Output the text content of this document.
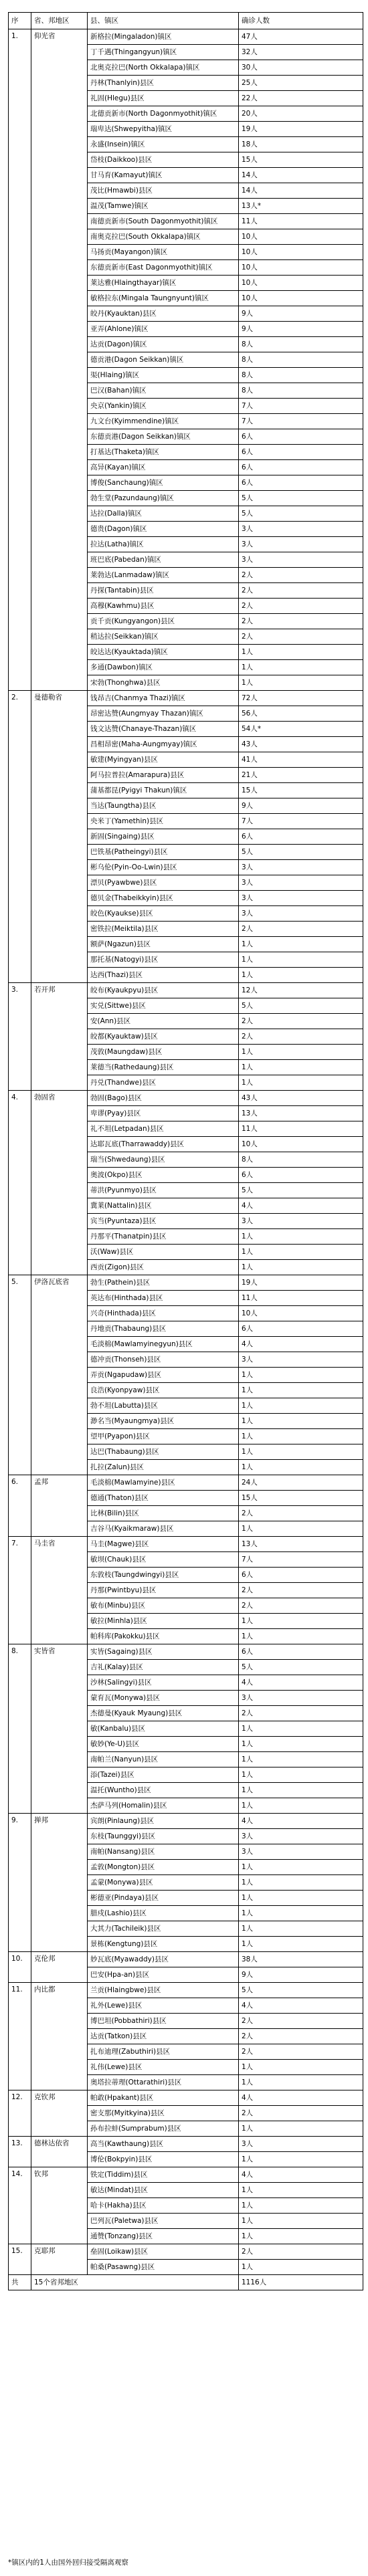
序	省、邦地区	县、镇区	确诊人数
1.	仰光省	新格拉(Mingaladon)镇区	47人
		丁千遇(Thingangyun)镇区	32人
		北奥克拉巴(North Okkalapa)镇区	30人
		丹林(Thanlyin)县区	25人
		礼固(Hlegu)县区	22人
		北德贡新市(North Dagonmyothit)镇区	20人
		瑞卑达(Shwepyitha)镇区	19人
		永盛(Insein)镇区	18人
		岱枝(Daikkoo)县区	15人
		甘马育(Kamayut)镇区	14人
		茂比(Hmawbi)县区	14人
		温茂(Tamwe)镇区	13人*
		南德贡新市(South Dagonmyothit)镇区	11人
		南奥克拉巴(South Okkalapa)镇区	10人
		马扬贡(Mayangon)镇区	10人
		东德贡新市(East Dagonmyothit)镇区	10人
		莱达雅(Hlaingthayar)镇区	10人
		敏格拉东(Mingala Taungnyunt)镇区	10人
		皎丹(Kyauktan)县区	9人
		亚弄(Ahlone)镇区	9人
		达贡(Dagon)镇区	8人
		德贡港(Dagon Seikkan)镇区	8人
		渠(Hlaing)镇区	8人
		巴汉(Bahan)镇区	8人
		央京(Yankin)镇区	7人
		九文台(Kyimmendine)镇区	7人
		东德贡港(Dagon Seikkan)镇区	6人
		打基达(Thaketa)镇区	6人
		高异(Kayan)镇区	6人
		博俊(Sanchaung)镇区	6人
		勃生堂(Pazundaung)镇区	5人
		达拉(Dalla)镇区	5人
		德贵(Dagon)镇区	3人
		拉达(Latha)镇区	3人
		班巴底(Pabedan)镇区	3人
		莱勃达(Lanmadaw)镇区	2人
		丹探(Tantabin)县区	2人
		高穆(Kawhmu)县区	2人
		贡千贡(Kungyangon)县区	2人
		稍达拉(Seikkan)镇区	2人
		皎达达(Kyauktada)镇区	1人
		多通(Dawbon)镇区	1人
		宋勃(Thonghwa)县区	1人
2.	曼德勒省	钱昂吉(Chanmya Thazi)镇区	72人
		昂密达赞(Aungmyay Thazan)镇区	56人
		钱文达赞(Chanaye-Thazan)镇区	54人*
		昌相昂密(Maha-Aungmyay)镇区	43人
		敏建(Myingyan)县区	41人
		阿马拉普拉(Amarapura)县区	21人
		蒲基都昆(Pyigyi Thakun)镇区	15人
		当达(Taungtha)县区	9人
		央米丁(Yamethin)县区	7人
		新固(Singaing)县区	6人
		巴铁基(Patheingyi)县区	5人
		彬乌伦(Pyin-Oo-Lwin)县区	3人
		漂贝(Pyawbwe)县区	3人
		德贝金(Thabeikkyin)县区	3人
		皎色(Kyaukse)县区	3人
		密铁拉(Meiktila)县区	2人
		额萨(Ngazun)县区	1人
		那托基(Natogyi)县区	1人
		达西(Thazi)县区	1人
3.	若开邦	皎布(Kyaukpyu)县区	12人
		实兑(Sittwe)县区	5人
		安(Ann)县区	2人
		皎都(Kyauktaw)县区	2人
		茂敦(Maungdaw)县区	1人
		莱德当(Rathedaung)县区	1人
		丹兑(Thandwe)县区	1人
4.	勃固省	勃固(Bago)县区	43人
		卑谬(Pyay)县区	13人
		礼不坦(Letpadan)县区	11人
		达耶瓦底(Tharrawaddy)县区	10人
		瑞当(Shwedaung)县区	8人
		奥波(Okpo)县区	6人
		蒂洪(Pyunmyo)县区	5人
		冀莱(Nattalin)县区	4人
		宾当(Pyuntaza)县区	3人
		丹那平(Thanatpin)县区	1人
		沃(Waw)县区	1人
		西贡(Zigon)县区	1人
5.	伊洛瓦底省	勃生(Pathein)县区	19人
		英达布(Hinthada)县区	11人
		兴奇(Hinthada)县区	10人
		丹地贡(Thabaung)县区	6人
		毛淡棉(Mawlamyinegyun)县区	4人
		德冲贡(Thonseh)县区	3人
		弄贡(Ngapudaw)县区	1人
		良浩(Kyonpyaw)县区	1人
		勃不坦(Labutta)县区	1人
		渺名当(Myaungmya)县区	1人
		望甲(Pyapon)县区	1人
		达巴(Thabaung)县区	1人
		扎拉(Zalun)县区	1人
6.	孟邦	毛淡棉(Mawlamyine)县区	24人
		德通(Thaton)县区	15人
		比林(Bilin)县区	2人
		吉谷马(Kyaikmaraw)县区	1人
7.	马圭省	马圭(Magwe)县区	13人
		敏坝(Chauk)县区	7人
		东敦枝(Taungdwingyi)县区	6人
		丹那(Pwintbyu)县区	2人
		敏布(Minbu)县区	2人
		敏拉(Minhla)县区	1人
		帕科库(Pakokku)县区	1人
8.	实皆省	实皆(Sagaing)县区	6人
		吉礼(Kalay)县区	5人
		沙林(Salingyi)县区	4人
		蒙育瓦(Monywa)县区	3人
		杰德曼(Kyauk Myaung)县区	2人
		敏(Kanbalu)县区	1人
		敏妙(Ye-U)县区	1人
		南帕兰(Nanyun)县区	1人
		添(Tazei)县区	1人
		温托(Wuntho)县区	1人
		杰萨马列(Homalin)县区	1人
9.	掸邦	宾朗(Pinlaung)县区	4人
		东枝(Taunggyi)县区	3人
		南帕(Nansang)县区	3人
		孟敦(Mongton)县区	1人
		孟蒙(Monywa)县区	1人
		彬德亚(Pindaya)县区	1人
		腊戍(Lashio)县区	1人
		大其力(Tachileik)县区	1人
		景栋(Kengtung)县区	1人
10.	克伦邦	妙瓦底(Myawaddy)县区	38人
		巴安(Hpa-an)县区	9人
11.	内比都	兰贡(Hlaingbwe)县区	5人
		礼外(Lewe)县区	4人
		博巴坦(Pobbathiri)县区	2人
		达贡(Tatkon)县区	2人
		扎布迪理(Zabuthiri)县区	2人
		礼伟(Lewe)县区	1人
		奥塔拉蒂理(Ottarathiri)县区	1人
12.	克钦邦	帕敢(Hpakant)县区	4人
		密支那(Myitkyina)县区	2人
		孙布拉蚌(Sumprabum)县区	1人
13.	德林达依省	高当(Kawthaung)县区	3人
		博伦(Bokpyin)县区	1人
14.	钦邦	铁定(Tiddim)县区	4人
		敏达(Mindat)县区	1人
		哈卡(Hakha)县区	1人
		巴列瓦(Paletwa)县区	1人
		通赞(Tonzang)县区	1人
15.	克耶邦	垒固(Loikaw)县区	2人
		帕桑(Pasawng)县区	1人
共	15个省邦地区		1116人
*镇区内的1人由国外回归接受隔离观察
